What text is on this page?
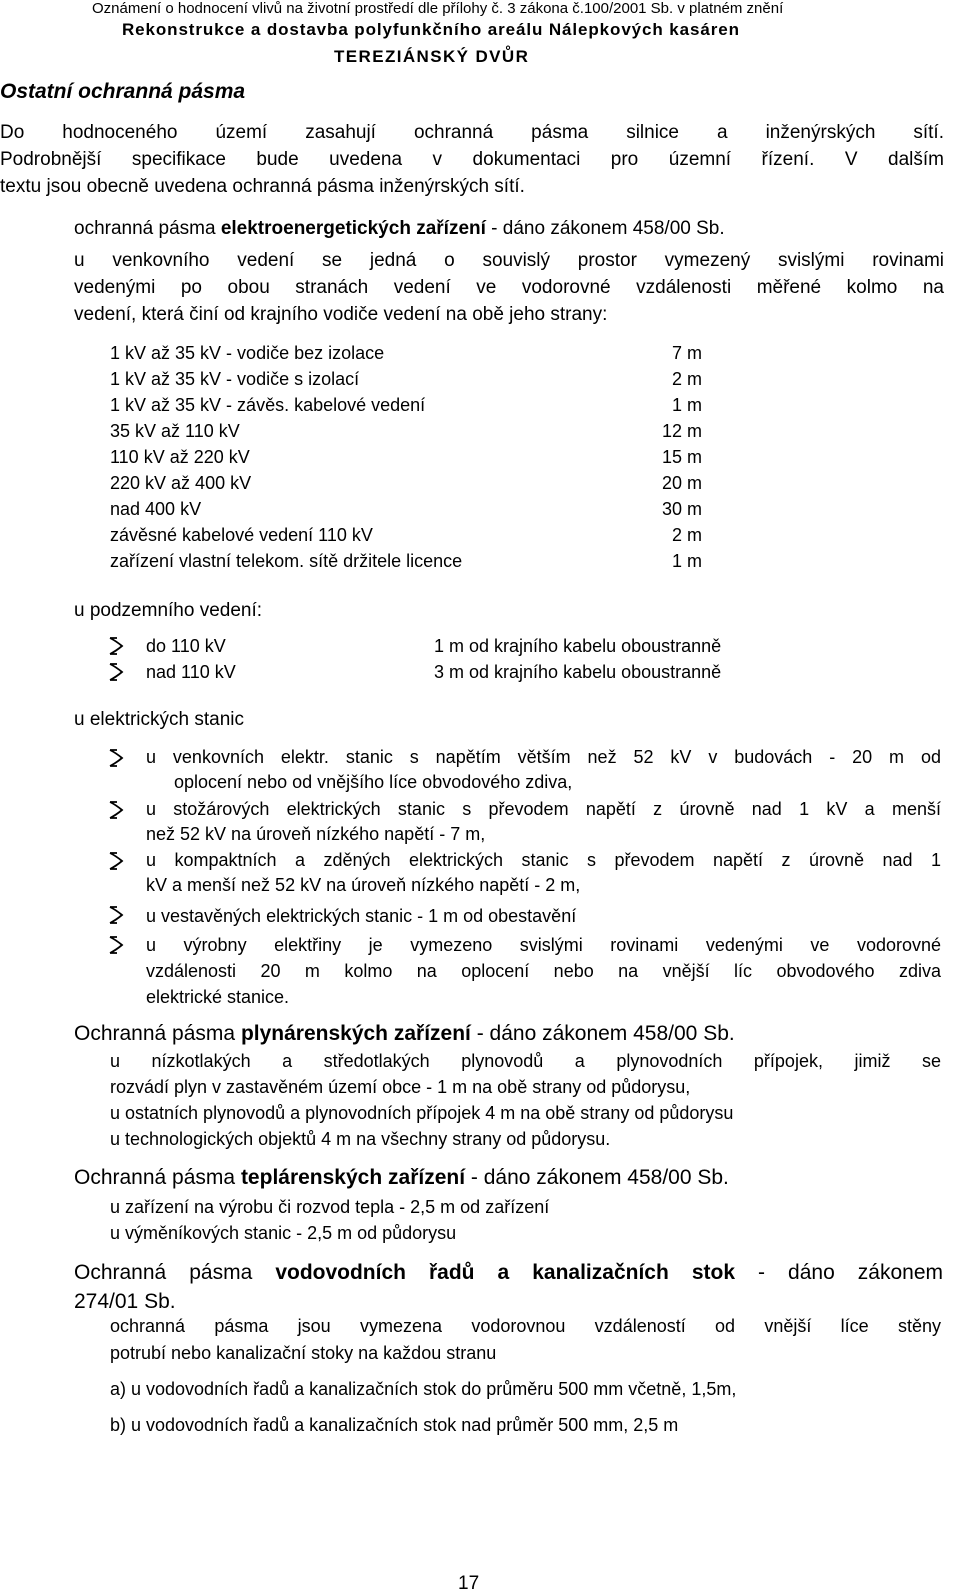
Oznámení o hodnocení vlivů na životní prostředí dle přílohy č. 3 zákona č.100/2001 Sb. v platném znění
Rekonstrukce a dostavba polyfunkčního areálu Nálepkových kasáren
TEREZIÁNSKÝ DVŮR
Ostatní ochranná pásma
Do hodnoceného území zasahují ochranná pásma silnice a inženýrských sítí.
Podrobnější specifikace bude uvedena v dokumentaci pro územní řízení. V dalším
textu jsou obecně uvedena ochranná pásma inženýrských sítí.
ochranná pásma elektroenergetických zařízení - dáno zákonem 458/00 Sb.
u venkovního vedení se jedná o souvislý prostor vymezený svislými rovinami
vedenými po obou stranách vedení ve vodorovné vzdálenosti měřené kolmo na
vedení, která činí od krajního vodiče vedení na obě jeho strany:
1 kV až 35 kV - vodiče bez izolace	7 m
1 kV až 35 kV - vodiče s izolací	2 m
1 kV až 35 kV - závěs. kabelové vedení	1 m
35 kV až 110 kV	12 m
110 kV až 220 kV	15 m
220 kV až 400 kV	20 m
nad 400 kV	30 m
závěsné kabelové vedení 110 kV	2 m
zařízení vlastní telekom. sítě držitele licence	1 m
u podzemního vedení:
do 110 kV	1 m od krajního kabelu oboustranně
nad 110 kV	3 m od krajního kabelu oboustranně
u elektrických stanic
u venkovních elektr. stanic s napětím větším než 52 kV v budovách - 20 m od
oplocení nebo od vnějšího líce obvodového zdiva,
u stožárových elektrických stanic s převodem napětí z úrovně nad 1 kV a menší
než 52 kV na úroveň nízkého napětí - 7 m,
u kompaktních a zděných elektrických stanic s převodem napětí z úrovně nad 1
kV a menší než 52 kV na úroveň nízkého napětí - 2 m,
u vestavěných elektrických stanic - 1 m od obestavění
u výrobny elektřiny je vymezeno svislými rovinami vedenými ve vodorovné
vzdálenosti 20 m kolmo na oplocení nebo na vnější líc obvodového zdiva
elektrické stanice.
Ochranná pásma plynárenských zařízení - dáno zákonem 458/00 Sb.
u nízkotlakých a středotlakých plynovodů a plynovodních přípojek, jimiž se
rozvádí plyn v zastavěném území obce - 1 m na obě strany od půdorysu,
u ostatních plynovodů a plynovodních přípojek 4 m na obě strany od půdorysu
u technologických objektů 4 m na všechny strany od půdorysu.
Ochranná pásma teplárenských zařízení - dáno zákonem 458/00 Sb.
u zařízení na výrobu či rozvod tepla - 2,5 m od zařízení
u výměníkových stanic - 2,5 m od půdorysu
Ochranná pásma vodovodních řadů a kanalizačních stok - dáno zákonem
274/01 Sb.
ochranná pásma jsou vymezena vodorovnou vzdáleností od vnější líce stěny
potrubí nebo kanalizační stoky na každou stranu
a) u vodovodních řadů a kanalizačních stok do průměru 500 mm včetně, 1,5m,
b) u vodovodních řadů a kanalizačních stok nad průměr 500 mm, 2,5 m
17
